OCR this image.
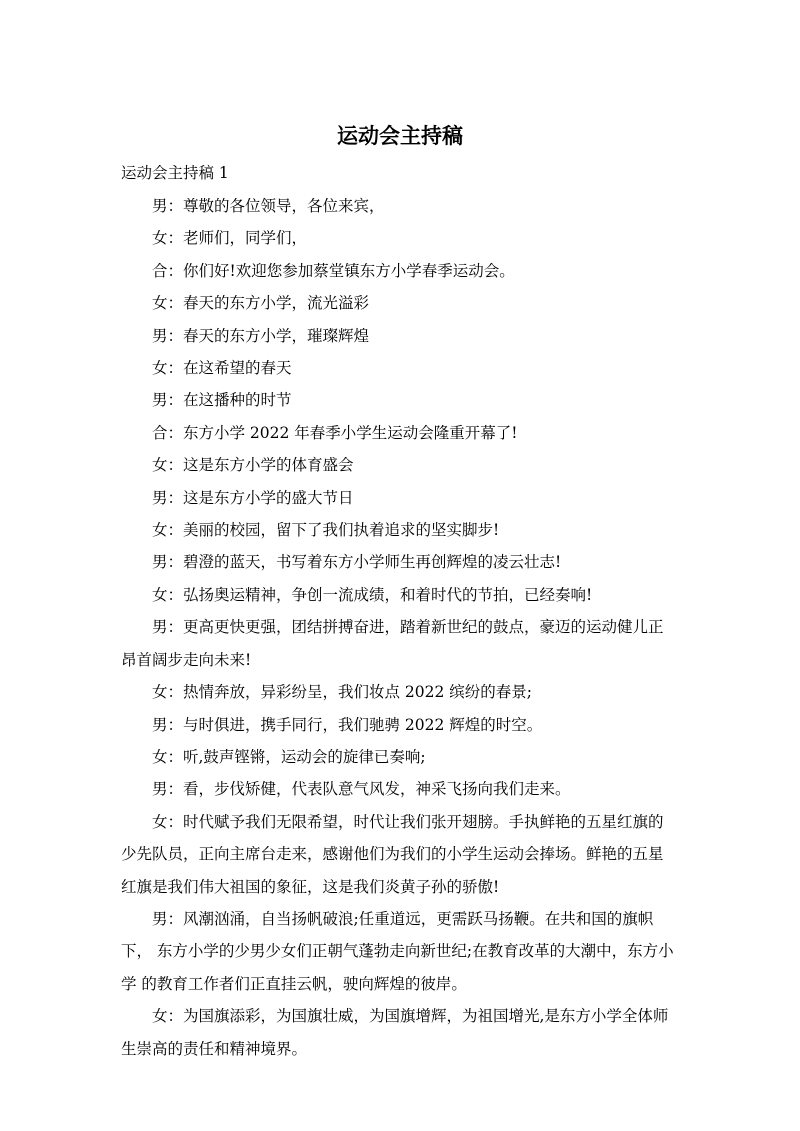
运动会主持稿
运动会主持稿 1

男：尊敬的各位领导，各位来宾，

女：老师们，同学们，

合：你们好!欢迎您参加蔡堂镇东方小学春季运动会。

女：春天的东方小学，流光溢彩

男：春天的东方小学，璀璨辉煌

女：在这希望的春天

男：在这播种的时节

合：东方小学 2022 年春季小学生运动会隆重开幕了!

女：这是东方小学的体育盛会

男：这是东方小学的盛大节日

女：美丽的校园，留下了我们执着追求的坚实脚步!

男：碧澄的蓝天，书写着东方小学师生再创辉煌的凌云壮志!

女：弘扬奥运精神，争创一流成绩，和着时代的节拍，已经奏响!

男：更高更快更强，团结拼搏奋进，踏着新世纪的鼓点，豪迈的运动健儿正 昂首阔步走向未来!

女：热情奔放，异彩纷呈，我们妆点 2022 缤纷的春景;

男：与时俱进，携手同行，我们驰骋 2022 辉煌的时空。

女：听,鼓声铿锵，运动会的旋律已奏响;

男：看，步伐矫健，代表队意气风发，神采飞扬向我们走来。

女：时代赋予我们无限希望，时代让我们张开翅膀。手执鲜艳的五星红旗的 少先队员，正向主席台走来，感谢他们为我们的小学生运动会捧场。鲜艳的五星 红旗是我们伟大祖国的象征，这是我们炎黄子孙的骄傲!

男：风潮汹涌，自当扬帆破浪;任重道远，更需跃马扬鞭。在共和国的旗帜下， 东方小学的少男少女们正朝气蓬勃走向新世纪;在教育改革的大潮中，东方小学 的教育工作者们正直挂云帆，驶向辉煌的彼岸。

女：为国旗添彩，为国旗壮威，为国旗增辉，为祖国增光,是东方小学全体师生崇高的责任和精神境界。
